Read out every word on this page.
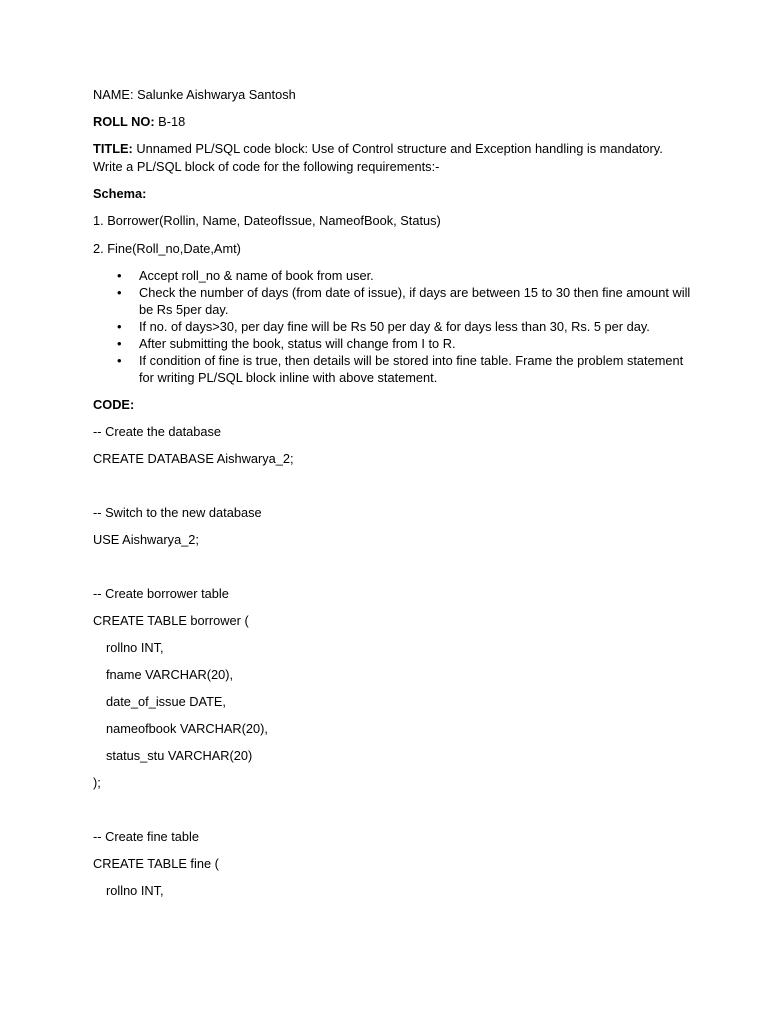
NAME: Salunke Aishwarya Santosh

ROLL NO: B-18

TITLE: Unnamed PL/SQL code block: Use of Control structure and Exception handling is mandatory.

Write a PL/SQL block of code for the following requirements:-

Schema:

1. Borrower(Rollin, Name, DateofIssue, NameofBook, Status)

2. Fine(Roll_no,Date,Amt)

• Accept roll_no & name of book from user.
• Check the number of days (from date of issue), if days are between 15 to 30 then fine amount will be Rs 5per day.
• If no. of days>30, per day fine will be Rs 50 per day & for days less than 30, Rs. 5 per day.
• After submitting the book, status will change from I to R.
• If condition of fine is true, then details will be stored into fine table. Frame the problem statement for writing PL/SQL block inline with above statement.

CODE:

-- Create the database

CREATE DATABASE Aishwarya_2;

-- Switch to the new database

USE Aishwarya_2;

-- Create borrower table

CREATE TABLE borrower (

rollno INT,

fname VARCHAR(20),

date_of_issue DATE,

nameofbook VARCHAR(20),

status_stu VARCHAR(20)

);

-- Create fine table

CREATE TABLE fine (

rollno INT,
